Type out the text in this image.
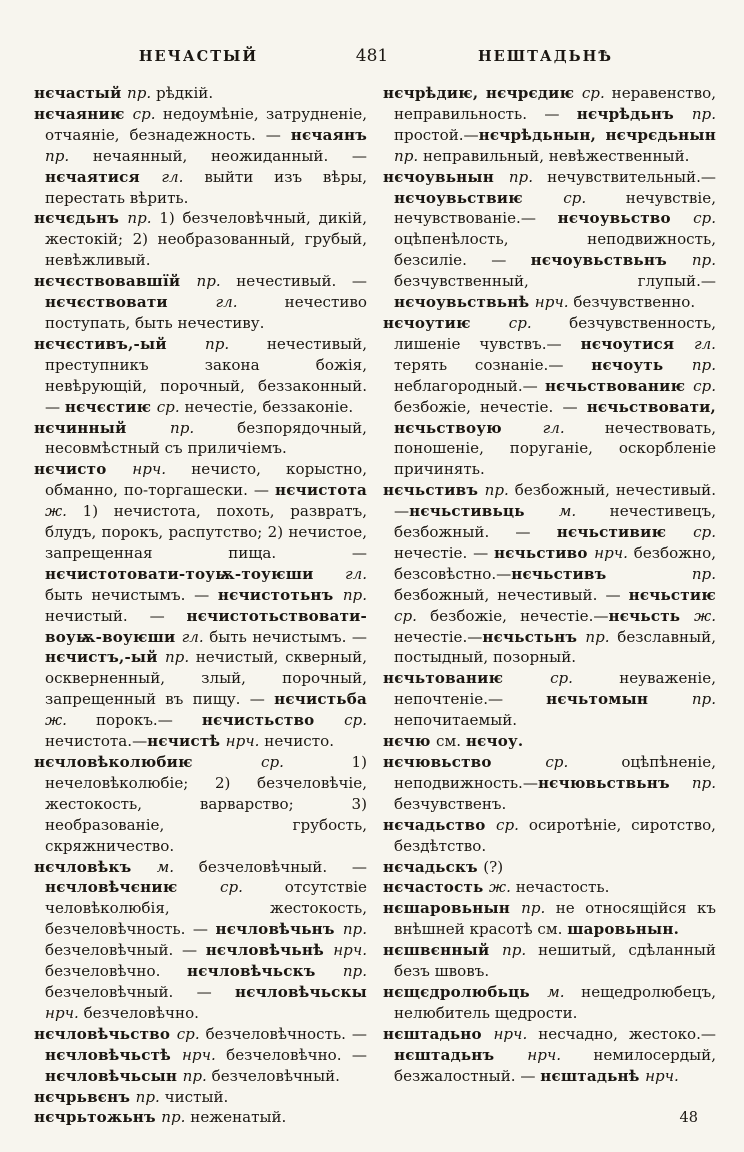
НЕЧАСТЫЙ	481	НЕШТАДЬНѢ

нєчастый пр. рѣдкій.

нєчаяниѥ ср. недоумѣніе, затрудненіе, отчаяніе, безнадежность. — нєчаянъ пр. нечаянный, неожиданный. — нєчаятися гл. выйти изъ вѣры, перестать вѣрить.

нєчєдьнъ пр. 1) безчеловѣчный, дикій, жестокій; 2) необразованный, грубый, невѣжливый.

нєчєствовавшїй пр. нечестивый. — нєчєствовати гл. нечестиво поступать, быть нечестиву.

нєчєстивъ,-ый пр. нечестивый, преступникъ закона божія, невѣрующій, порочный, беззаконный. — нєчєстиѥ ср. нечестіе, беззаконіе.

нєчинный пр. безпорядочный, несовмѣстный съ приличіемъ.

нєчисто нрч. нечисто, корыстно, обманно, по-торгашески. — нєчистота ж. 1) нечистота, похоть, развратъ, блудъ, порокъ, распутство; 2) нечистое, запрещенная пища. — нєчистотовати-тоуѭ-тоуѥши гл. быть нечистымъ. — нєчистотьнъ пр. нечистый. — нєчистотьствовати-воуѭ-воуѥши гл. быть нечистымъ. — нєчистъ,-ый пр. нечистый, скверный, оскверненный, злый, порочный, запрещенный въ пищу. — нєчистьба ж. порокъ.— нєчистьство ср. нечистота.—нєчистѣ нрч. нечисто.

нєчловѣколюбиѥ ср. 1) нечеловѣколюбіе; 2) безчеловѣчіе, жестокость, варварство; 3) необразованіе, грубость, скряжничество.

нєчловѣкъ м. безчеловѣчный. — нєчловѣчєниѥ ср. отсутствіе человѣколюбія, жестокость, безчеловѣчность. — нєчловѣчьнъ пр. безчеловѣчный. — нєчловѣчьнѣ нрч. безчеловѣчно. нєчловѣчьскъ пр. безчеловѣчный. — нєчловѣчьскы нрч. безчеловѣчно.

нєчловѣчьство ср. безчеловѣчность. — нєчловѣчьстѣ нрч. безчеловѣчно. — нєчловѣчьсын пр. безчеловѣчный.

нєчрьвєнъ пр. чистый.

нєчрьтожьнъ пр. неженатый.

нєчрѣдиѥ, нєчрєдиѥ ср. неравенство, неправильность. — нєчрѣдьнъ пр. простой.—нєчрѣдьнын, нєчрєдьнын пр. неправильный, невѣжественный.

нєчоувьнын пр. нечувствительный.— нєчоувьствиѥ ср. нечувствіе, нечувствованіе.— нєчоувьство ср. оцѣпенѣлость, неподвижность, безсиліе. — нєчоувьствьнъ пр. безчувственный, глупый.— нєчоувьствьнѣ нрч. безчувственно.

нєчоутиѥ ср. безчувственность, лишеніе чувствъ.— нєчоутися гл. терять сознаніе.— нєчоуть пр. неблагородный.— нєчьствованиѥ ср. безбожіе, нечестіе. — нєчьствовати, нєчьствоую гл. нечествовать, поношеніе, поруганіе, оскорбленіе причинять.

нєчьстивъ пр. безбожный, нечестивый.—нєчьстивьць м. нечестивецъ, безбожный. — нєчьстивиѥ ср. нечестіе. — нєчьстиво нрч. безбожно, безсовѣстно.—нєчьстивъ пр. безбожный, нечестивый. — нєчьстиѥ ср. безбожіе, нечестіе.—нєчьсть ж. нечестіе.—нєчьстьнъ пр. безславный, постыдный, позорный.

нєчьтованиѥ ср. неуваженіе, непочтеніе.— нєчьтомын пр. непочитаемый.

нєчю см. нєчоу.

нєчювьство ср. оцѣпѣненіе, неподвижность.—нєчювьствьнъ пр. безчувственъ.

нєчадьство ср. осиротѣніе, сиротство, бездѣтство.

нєчадьскъ (?)

нєчастость ж. нечастость.

нєшаровьнын пр. не относящійся къ внѣшней красотѣ см. шаровьнын.

нєшвєнный пр. нешитый, сдѣланный безъ швовъ.

нєщєдролюбьць м. нещедролюбецъ, нелюбитель щедрости.

нєштадьно нрч. несчадно, жестоко.— нєштадьнъ нрч. немилосердый, безжалостный. — нєштадьнѣ нрч.

48
